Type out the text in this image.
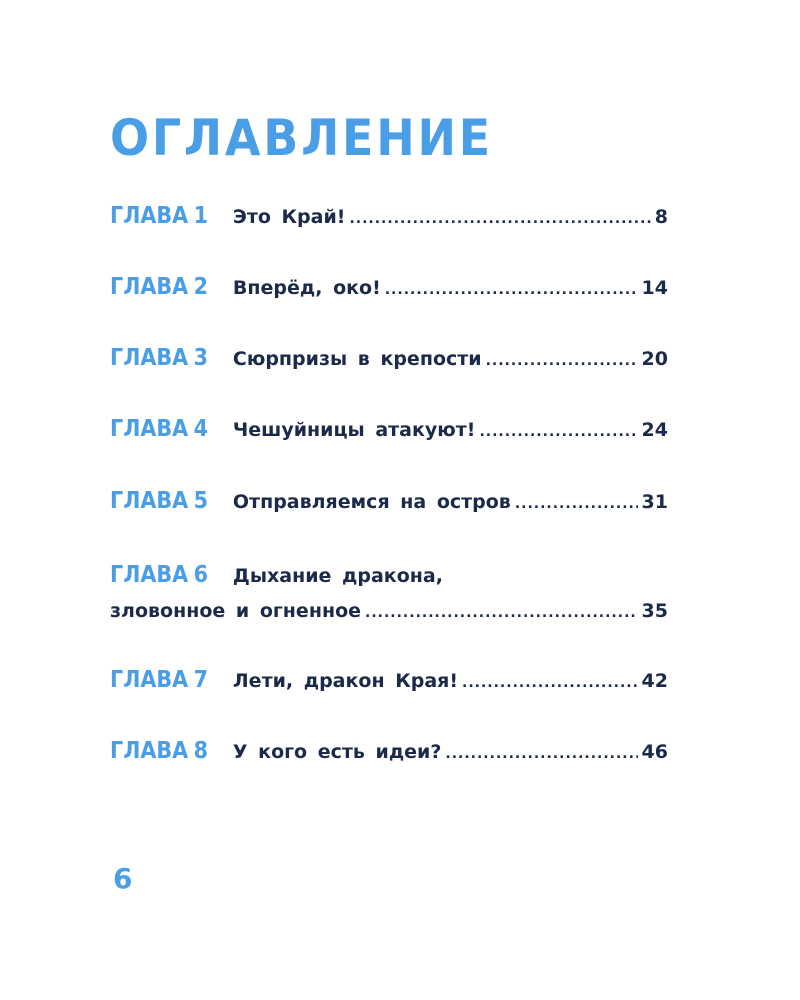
ОГЛАВЛЕНИЕ
ГЛАВА 1 Это Край! .....	8
ГЛАВА 2 Вперёд, око! .....	14
ГЛАВА 3 Сюрпризы в крепости .....	20
ГЛАВА 4 Чешуйницы атакуют! .....	24
ГЛАВА 5 Отправляемся на остров .....	31
ГЛАВА 6 Дыхание дракона,
зловонное и огненное .....	35
ГЛАВА 7 Лети, дракон Края! .....	42
ГЛАВА 8 У кого есть идеи? .....	46
6
